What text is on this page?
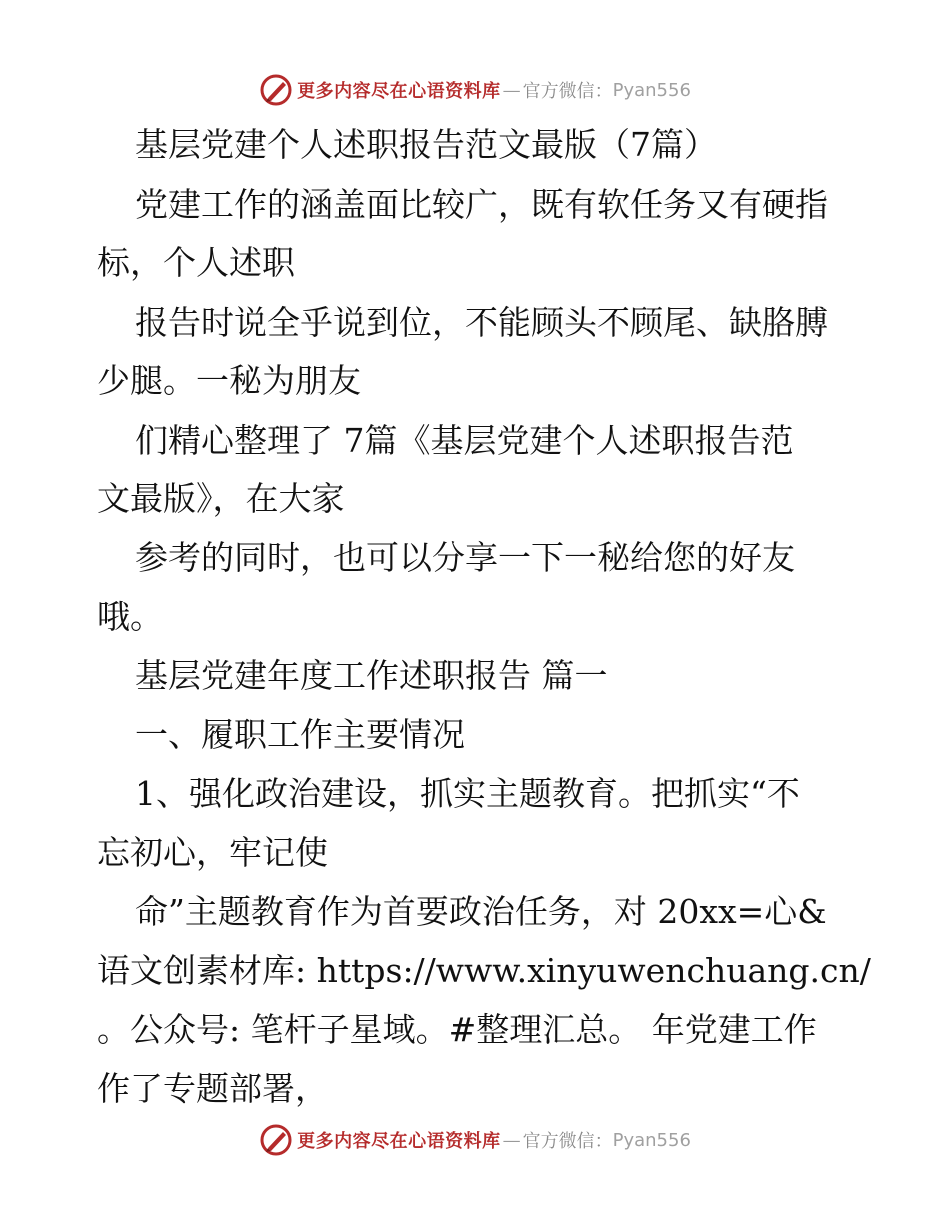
更多内容尽在心语资料库 — 官方微信： Pyan556
基层党建个人述职报告范文最版（7篇）
党建工作的涵盖面比较广，既有软任务又有硬指
标，个人述职
报告时说全乎说到位，不能顾头不顾尾、缺胳膊
少腿。一秘为朋友
们精心整理了 7篇《基层党建个人述职报告范
文最版》，在大家
参考的同时，也可以分享一下一秘给您的好友
哦。
基层党建年度工作述职报告 篇一
一、履职工作主要情况
1、强化政治建设，抓实主题教育。把抓实“不
忘初心，牢记使
命”主题教育作为首要政治任务，对 20xx=心&
语文创素材库: https://www.xinyuwenchuang.cn/
。公众号: 笔杆子星域。#整理汇总。 年党建工作
作了专题部署，
更多内容尽在心语资料库 — 官方微信： Pyan556
